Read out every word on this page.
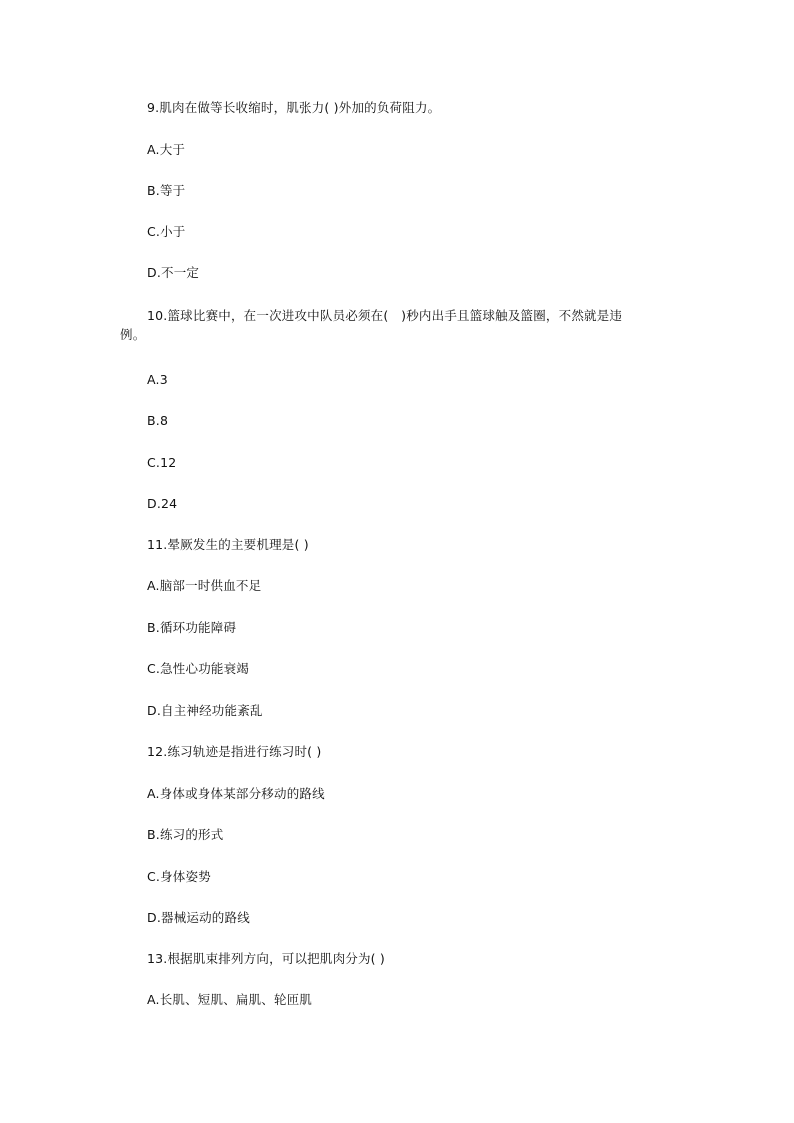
9.肌肉在做等长收缩时，肌张力( )外加的负荷阻力。
A.大于
B.等于
C.小于
D.不一定
10.篮球比赛中，在一次进攻中队员必须在(　)秒内出手且篮球触及篮圈，不然就是违
例。
A.3
B.8
C.12
D.24
11.晕厥发生的主要机理是( )
A.脑部一时供血不足
B.循环功能障碍
C.急性心功能衰竭
D.自主神经功能紊乱
12.练习轨迹是指进行练习时( )
A.身体或身体某部分移动的路线
B.练习的形式
C.身体姿势
D.器械运动的路线
13.根据肌束排列方向，可以把肌肉分为( )
A.长肌、短肌、扁肌、轮匝肌
